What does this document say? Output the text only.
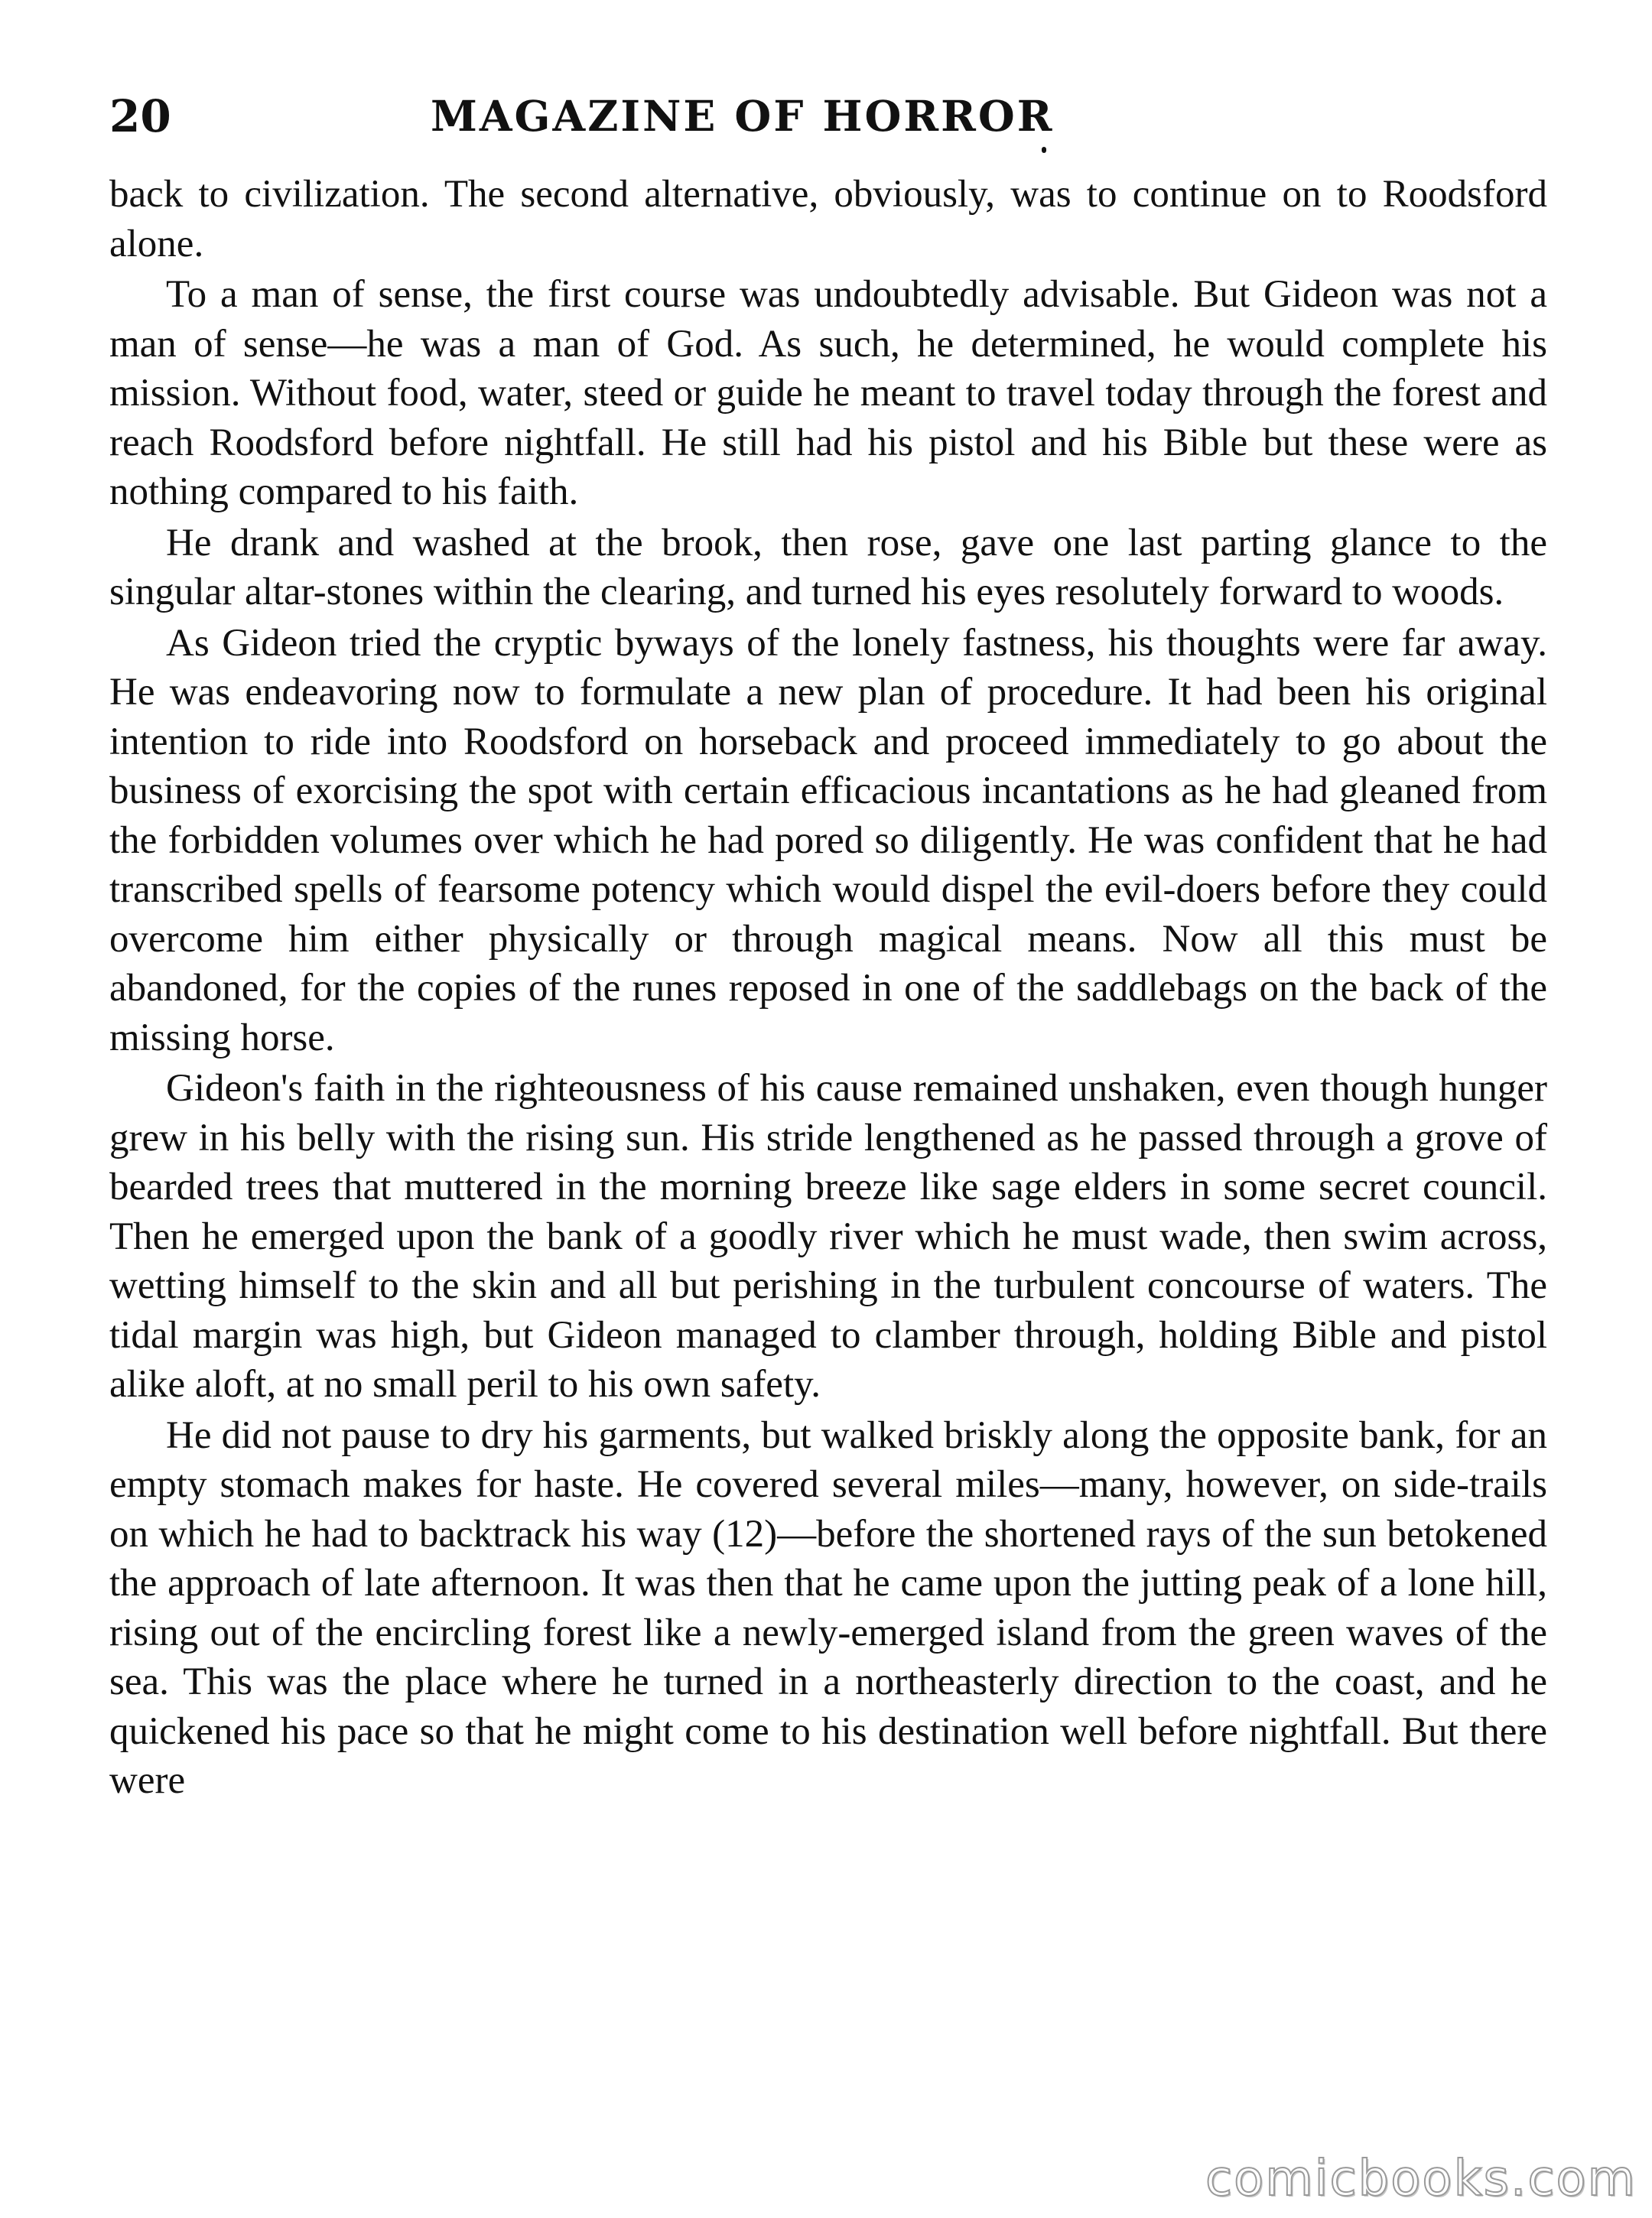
20	MAGAZINE OF HORROR

back to civilization. The second alternative, obviously, was to continue on to Roodsford alone.

To a man of sense, the first course was undoubtedly advisable. But Gideon was not a man of sense—he was a man of God. As such, he determined, he would complete his mission. Without food, water, steed or guide he meant to travel today through the forest and reach Roodsford before nightfall. He still had his pistol and his Bible but these were as nothing compared to his faith.

He drank and washed at the brook, then rose, gave one last parting glance to the singular altar-stones within the clearing, and turned his eyes resolutely forward to woods.

As Gideon tried the cryptic byways of the lonely fastness, his thoughts were far away. He was endeavoring now to formulate a new plan of procedure. It had been his original intention to ride into Roodsford on horseback and proceed immediately to go about the business of exorcising the spot with certain efficacious incantations as he had gleaned from the forbidden volumes over which he had pored so diligently. He was confident that he had transcribed spells of fearsome potency which would dispel the evil-doers before they could overcome him either physically or through magical means. Now all this must be abandoned, for the copies of the runes reposed in one of the saddlebags on the back of the missing horse.

Gideon's faith in the righteousness of his cause remained unshaken, even though hunger grew in his belly with the rising sun. His stride lengthened as he passed through a grove of bearded trees that muttered in the morning breeze like sage elders in some secret council. Then he emerged upon the bank of a goodly river which he must wade, then swim across, wetting himself to the skin and all but perishing in the turbulent concourse of waters. The tidal margin was high, but Gideon managed to clamber through, holding Bible and pistol alike aloft, at no small peril to his own safety.

He did not pause to dry his garments, but walked briskly along the opposite bank, for an empty stomach makes for haste. He covered several miles—many, however, on side-trails on which he had to backtrack his way (12)—before the shortened rays of the sun betokened the approach of late afternoon. It was then that he came upon the jutting peak of a lone hill, rising out of the encircling forest like a newly-emerged island from the green waves of the sea. This was the place where he turned in a northeasterly direction to the coast, and he quickened his pace so that he might come to his destination well before nightfall. But there were

comicbooks.com
